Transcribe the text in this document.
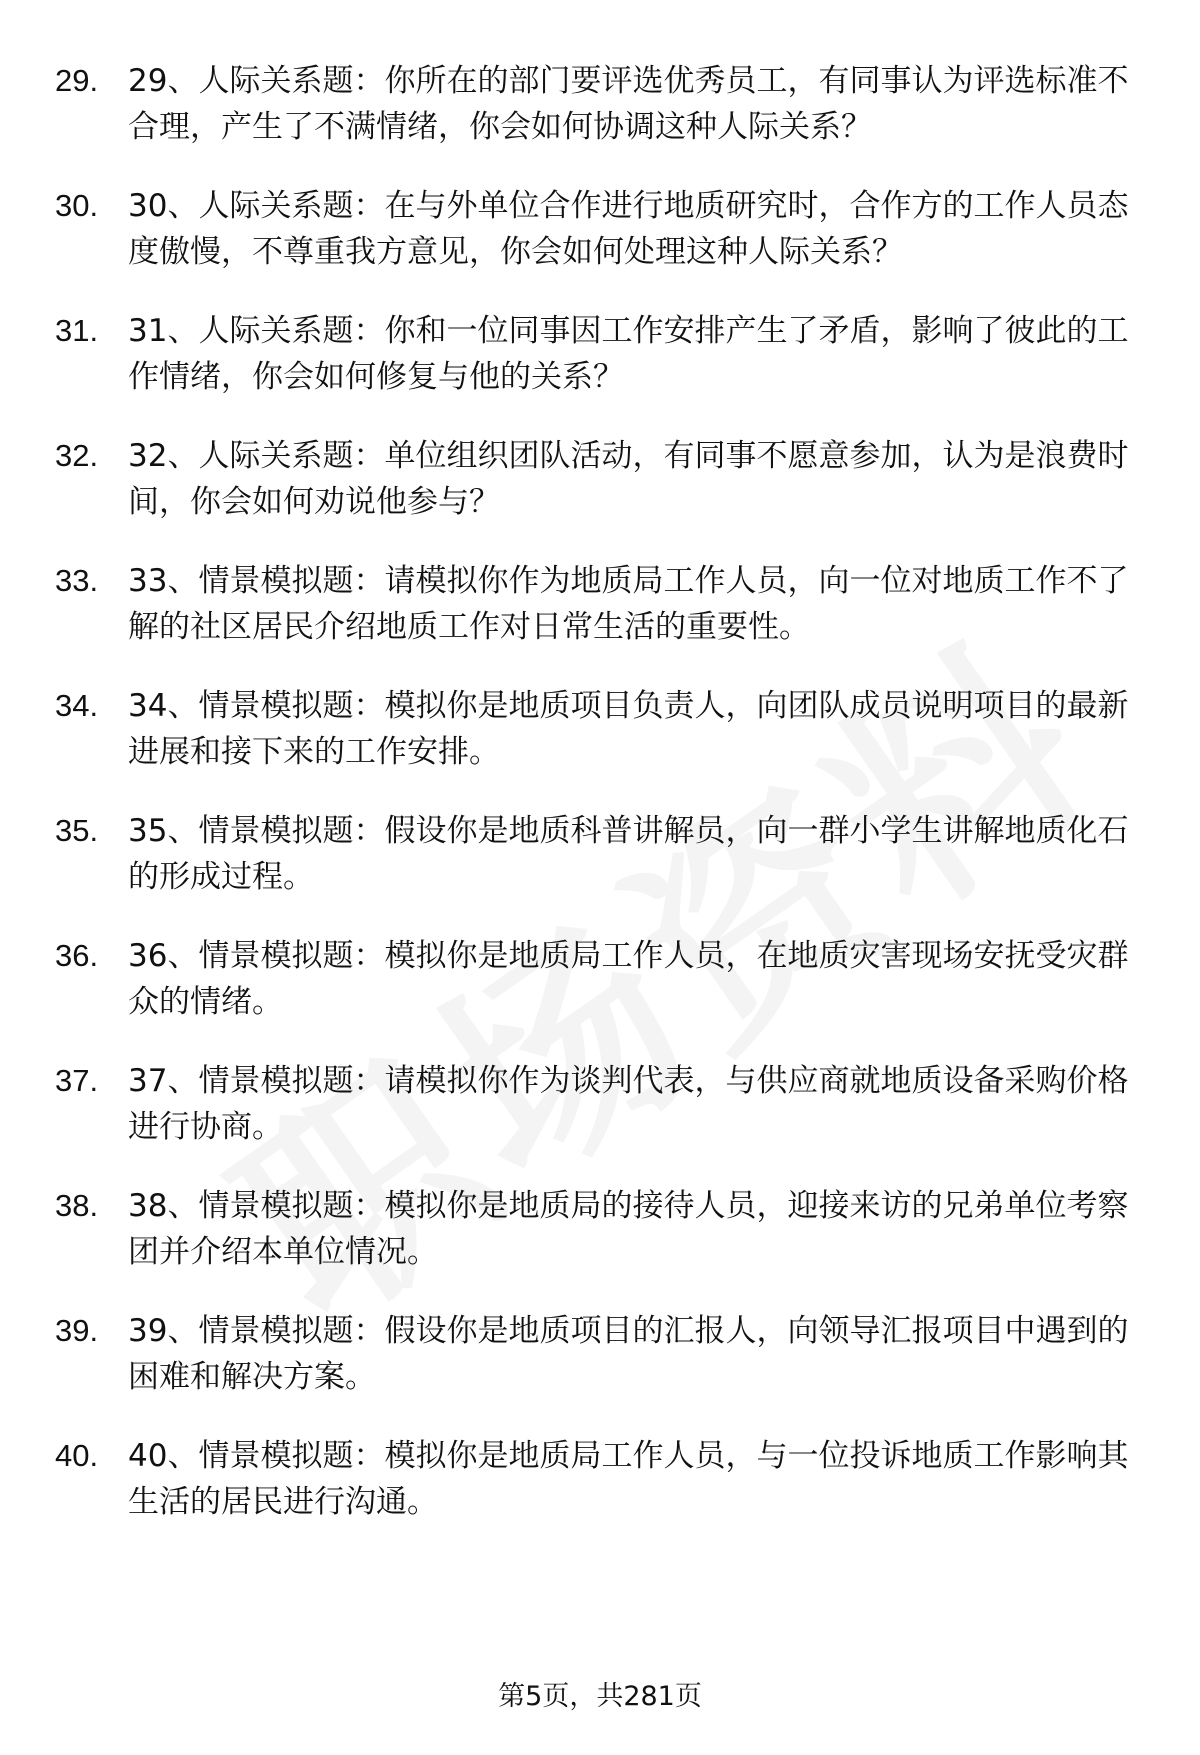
29. 29、人际关系题：你所在的部门要评选优秀员工，有同事认为评选标准不合理，产生了不满情绪，你会如何协调这种人际关系？
30. 30、人际关系题：在与外单位合作进行地质研究时，合作方的工作人员态度傲慢，不尊重我方意见，你会如何处理这种人际关系？
31. 31、人际关系题：你和一位同事因工作安排产生了矛盾，影响了彼此的工作情绪，你会如何修复与他的关系？
32. 32、人际关系题：单位组织团队活动，有同事不愿意参加，认为是浪费时间，你会如何劝说他参与？
33. 33、情景模拟题：请模拟你作为地质局工作人员，向一位对地质工作不了解的社区居民介绍地质工作对日常生活的重要性。
34. 34、情景模拟题：模拟你是地质项目负责人，向团队成员说明项目的最新进展和接下来的工作安排。
35. 35、情景模拟题：假设你是地质科普讲解员，向一群小学生讲解地质化石的形成过程。
36. 36、情景模拟题：模拟你是地质局工作人员，在地质灾害现场安抚受灾群众的情绪。
37. 37、情景模拟题：请模拟你作为谈判代表，与供应商就地质设备采购价格进行协商。
38. 38、情景模拟题：模拟你是地质局的接待人员，迎接来访的兄弟单位考察团并介绍本单位情况。
39. 39、情景模拟题：假设你是地质项目的汇报人，向领导汇报项目中遇到的困难和解决方案。
40. 40、情景模拟题：模拟你是地质局工作人员，与一位投诉地质工作影响其生活的居民进行沟通。
第5页，共281页
